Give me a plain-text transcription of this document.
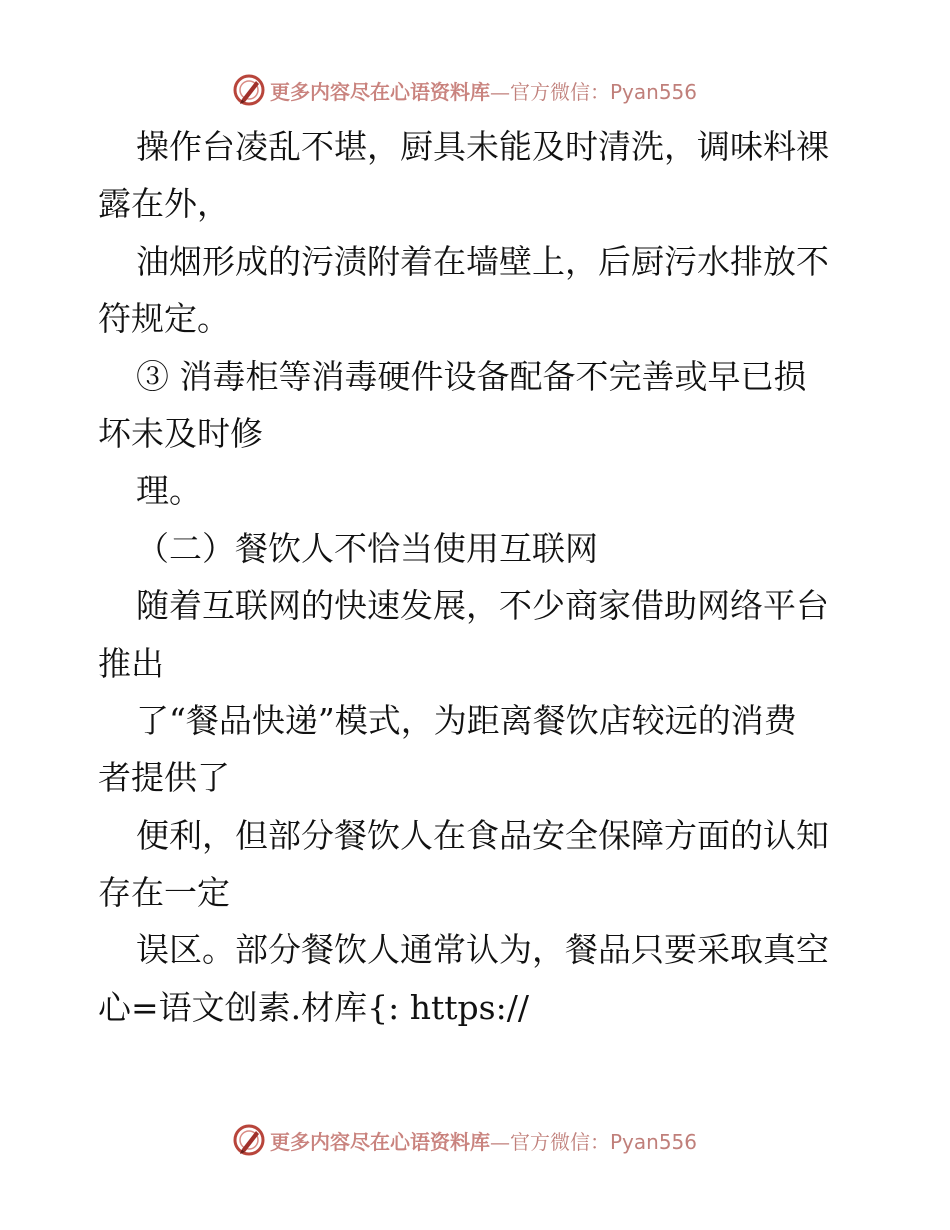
更多内容尽在心语资料库—官方微信：Pyan556
操作台凌乱不堪，厨具未能及时清洗，调味料裸
露在外，
油烟形成的污渍附着在墙壁上，后厨污水排放不
符规定。
③ 消毒柜等消毒硬件设备配备不完善或早已损
坏未及时修
理。
（二）餐饮人不恰当使用互联网
随着互联网的快速发展，不少商家借助网络平台
推出
了“餐品快递”模式，为距离餐饮店较远的消费
者提供了
便利，但部分餐饮人在食品安全保障方面的认知
存在一定
误区。部分餐饮人通常认为，餐品只要采取真空
心=语文创素.材库{: https://
更多内容尽在心语资料库—官方微信：Pyan556
